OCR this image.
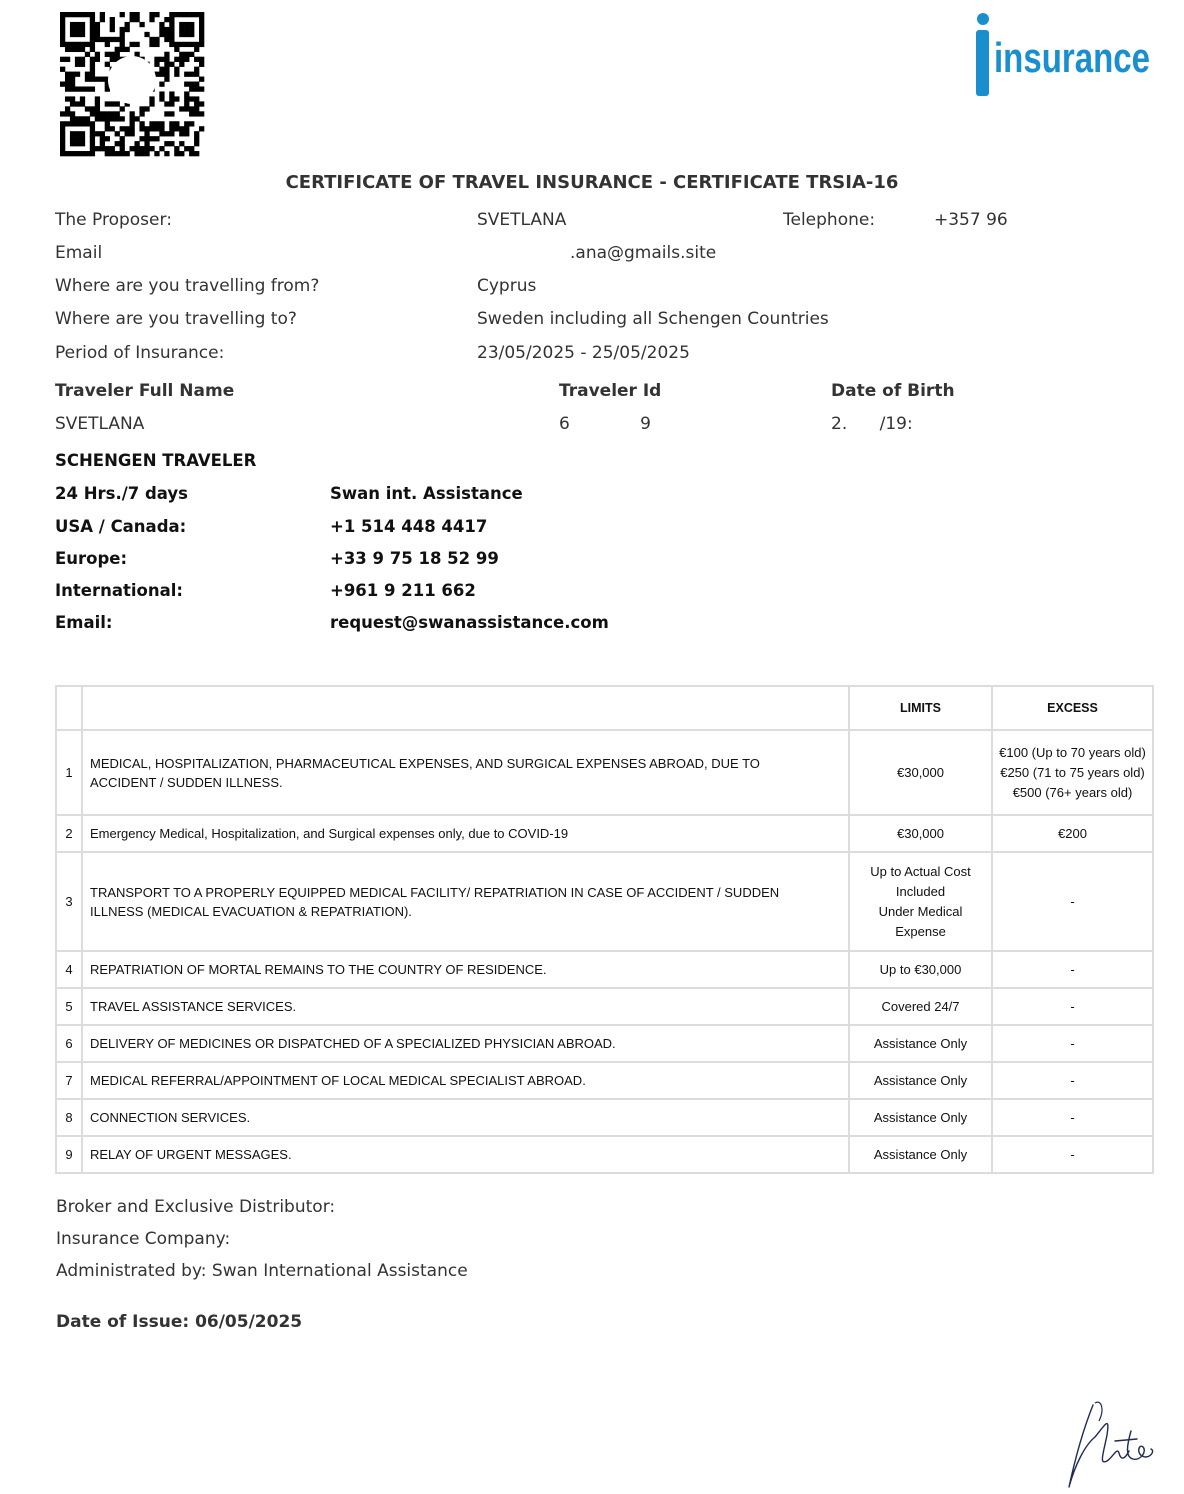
insurance
CERTIFICATE OF TRAVEL INSURANCE - CERTIFICATE TRSIA-16
The Proposer:	SVETLANA	Telephone:	+357 96
Email	.ana@gmails.site
Where are you travelling from?	Cyprus
Where are you travelling to?	Sweden including all Schengen Countries
Period of Insurance:	23/05/2025 - 25/05/2025
Traveler Full Name	Traveler Id	Date of Birth
SVETLANA	6             9	2.      /19:
SCHENGEN TRAVELER
24 Hrs./7 days	Swan int. Assistance
USA / Canada:	+1 514 448 4417
Europe:	+33 9 75 18 52 99
International:	+961 9 211 662
Email:	request@swanassistance.com
		LIMITS	EXCESS
1	MEDICAL, HOSPITALIZATION, PHARMACEUTICAL EXPENSES, AND SURGICAL EXPENSES ABROAD, DUE TO ACCIDENT / SUDDEN ILLNESS.	€30,000	€100 (Up to 70 years old)
€250 (71 to 75 years old)
€500 (76+ years old)

2	Emergency Medical, Hospitalization, and Surgical expenses only, due to COVID-19	€30,000	€200
3	TRANSPORT TO A PROPERLY EQUIPPED MEDICAL FACILITY/ REPATRIATION IN CASE OF ACCIDENT / SUDDEN ILLNESS (MEDICAL EVACUATION & REPATRIATION).	Up to Actual Cost
Included
Under Medical
Expense	-
4	REPATRIATION OF MORTAL REMAINS TO THE COUNTRY OF RESIDENCE.	Up to €30,000	-
5	TRAVEL ASSISTANCE SERVICES.	Covered 24/7	-
6	DELIVERY OF MEDICINES OR DISPATCHED OF A SPECIALIZED PHYSICIAN ABROAD.	Assistance Only	-
7	MEDICAL REFERRAL/APPOINTMENT OF LOCAL MEDICAL SPECIALIST ABROAD.	Assistance Only	-
8	CONNECTION SERVICES.	Assistance Only	-
9	RELAY OF URGENT MESSAGES.	Assistance Only	-
Broker and Exclusive Distributor:
Insurance Company:
Administrated by: Swan International Assistance
Date of Issue: 06/05/2025
